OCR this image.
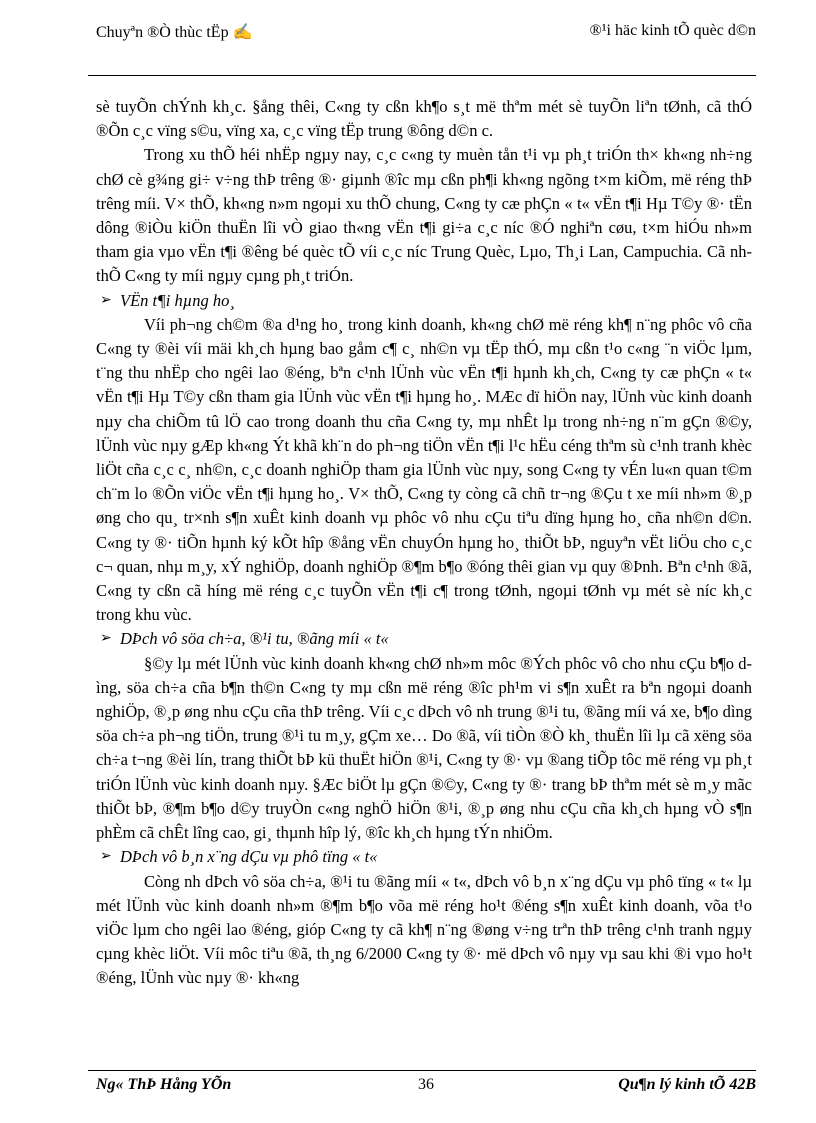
Chuyªn ®Ò thùc tËp ✍	®¹i häc kinh tÕ quèc d©n

sè tuyÕn chÝnh kh¸c. §ång thêi, C«ng ty cßn kh¶o s¸t më thªm mét sè tuyÕn liªn tØnh, cã thÓ ®Õn c¸c vïng s©u, vïng xa, c¸c vïng tËp trung ®ông d©n c.

Trong xu thÕ héi nhËp ngµy nay, c¸c c«ng ty muèn tån t¹i vµ ph¸t triÓn th× kh«ng nh÷ng chØ cè g¾ng gi÷ v÷ng thÞ trêng ®· giµnh ®îc mµ cßn ph¶i kh«ng ngõng t×m kiÕm, më réng thÞ trêng míi. V× thÕ, kh«ng n»m ngoµi xu thÕ chung, C«ng ty cæ phÇn « t« vËn t¶i Hµ T©y ®· tËn dông ®iÒu kiÖn thuËn lîi vÒ giao th«ng vËn t¶i gi÷a c¸c níc ®Ó nghiªn cøu, t×m hiÓu nh»m tham gia vµo vËn t¶i ®êng bé quèc tÕ víi c¸c níc Trung Quèc, Lµo, Th¸i Lan, Campuchia. Cã nh thÕ C«ng ty míi ngµy cµng ph¸t triÓn.

➢ VËn t¶i hµng ho¸

Víi ph¬ng ch©m ®a d¹ng ho¸ trong kinh doanh, kh«ng chØ më réng kh¶ n¨ng phôc vô cña C«ng ty ®èi víi mäi kh¸ch hµng bao gåm c¶ c¸ nh©n vµ tËp thÓ, mµ cßn t¹o c«ng ¨n viÖc lµm, t¨ng thu nhËp cho ngêi lao ®éng, bªn c¹nh lÜnh vùc vËn t¶i hµnh kh¸ch, C«ng ty cæ phÇn « t« vËn t¶i Hµ T©y cßn tham gia lÜnh vùc vËn t¶i hµng ho¸. MÆc dï hiÖn nay, lÜnh vùc kinh doanh nµy cha chiÕm tû lÖ cao trong doanh thu cña C«ng ty, mµ nhÊt lµ trong nh÷ng n¨m gÇn ®©y, lÜnh vùc nµy gÆp kh«ng Ýt khã kh¨n do ph¬ng tiÖn vËn t¶i l¹c hËu céng thªm sù c¹nh tranh khèc liÖt cña c¸c c¸ nh©n, c¸c doanh nghiÖp tham gia lÜnh vùc nµy, song C«ng ty vÉn lu«n quan t©m ch¨m lo ®Õn viÖc vËn t¶i hµng ho¸. V× thÕ, C«ng ty còng cã chñ tr¬ng ®Çu t xe míi nh»m ®¸p øng cho qu¸ tr×nh s¶n xuÊt kinh doanh vµ phôc vô nhu cÇu tiªu dïng hµng ho¸ cña nh©n d©n. C«ng ty ®· tiÕn hµnh ký kÕt hîp ®ång vËn chuyÓn hµng ho¸ thiÕt bÞ, nguyªn vËt liÖu cho c¸c c¬ quan, nhµ m¸y, xÝ nghiÖp, doanh nghiÖp ®¶m b¶o ®óng thêi gian vµ quy ®Þnh. Bªn c¹nh ®ã, C«ng ty cßn cã híng më réng c¸c tuyÕn vËn t¶i c¶ trong tØnh, ngoµi tØnh vµ mét sè níc kh¸c trong khu vùc.

➢ DÞch vô söa ch÷a, ®¹i tu, ®ãng míi « t«

§©y lµ mét lÜnh vùc kinh doanh kh«ng chØ nh»m môc ®Ých phôc vô cho nhu cÇu b¶o dìng, söa ch÷a cña b¶n th©n C«ng ty mµ cßn më réng ®îc ph¹m vi s¶n xuÊt ra bªn ngoµi doanh nghiÖp, ®¸p øng nhu cÇu cña thÞ trêng. Víi c¸c dÞch vô nh trung ®¹i tu, ®ãng míi vá xe, b¶o dìng söa ch÷a ph¬ng tiÖn, trung ®¹i tu m¸y, gÇm xe… Do ®ã, víi tiÒn ®Ò kh¸ thuËn lîi lµ cã xëng söa ch÷a t¬ng ®èi lín, trang thiÕt bÞ kü thuËt hiÖn ®¹i, C«ng ty ®· vµ ®ang tiÕp tôc më réng vµ ph¸t triÓn lÜnh vùc kinh doanh nµy. §Æc biÖt lµ gÇn ®©y, C«ng ty ®· trang bÞ thªm mét sè m¸y mãc thiÕt bÞ, ®¶m b¶o d©y truyÒn c«ng nghÖ hiÖn ®¹i, ®¸p øng nhu cÇu cña kh¸ch hµng vÒ s¶n phÈm cã chÊt lîng cao, gi¸ thµnh hîp lý, ®îc kh¸ch hµng tÝn nhiÖm.

➢ DÞch vô b¸n x¨ng dÇu vµ phô tïng « t«

Còng nh dÞch vô söa ch÷a, ®¹i tu ®ãng míi « t«, dÞch vô b¸n x¨ng dÇu vµ phô tïng « t« lµ mét lÜnh vùc kinh doanh nh»m ®¶m b¶o võa më réng ho¹t ®éng s¶n xuÊt kinh doanh, võa t¹o viÖc lµm cho ngêi lao ®éng, gióp C«ng ty cã kh¶ n¨ng ®øng v÷ng trªn thÞ trêng c¹nh tranh ngµy cµng khèc liÖt. Víi môc tiªu ®ã, th¸ng 6/2000 C«ng ty ®· më dÞch vô nµy vµ sau khi ®i vµo ho¹t ®éng, lÜnh vùc nµy ®· kh«ng

Ng« ThÞ Hång YÕn	36	Qu¶n lý kinh tÕ 42B
